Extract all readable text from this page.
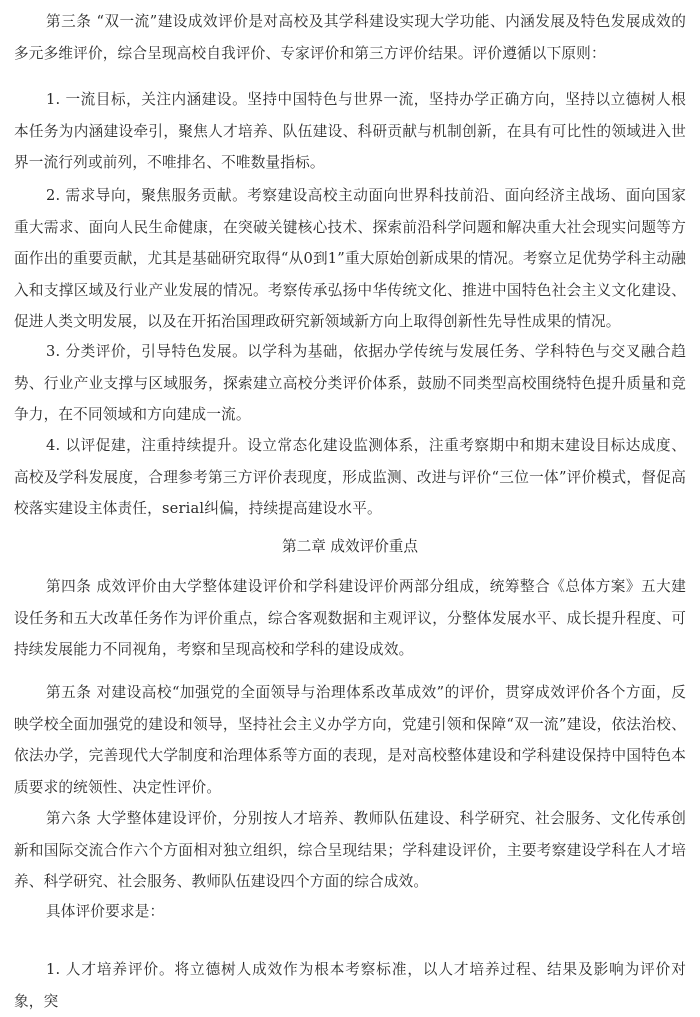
第三条 “双一流”建设成效评价是对高校及其学科建设实现大学功能、内涵发展及特色发展成效的多元多维评价，综合呈现高校自我评价、专家评价和第三方评价结果。评价遵循以下原则：

1. 一流目标，关注内涵建设。坚持中国特色与世界一流，坚持办学正确方向，坚持以立德树人根本任务为内涵建设牵引，聚焦人才培养、队伍建设、科研贡献与机制创新，在具有可比性的领域进入世界一流行列或前列，不唯排名、不唯数量指标。

2. 需求导向，聚焦服务贡献。考察建设高校主动面向世界科技前沿、面向经济主战场、面向国家重大需求、面向人民生命健康，在突破关键核心技术、探索前沿科学问题和解决重大社会现实问题等方面作出的重要贡献，尤其是基础研究取得“从0到1”重大原始创新成果的情况。考察立足优势学科主动融入和支撑区域及行业产业发展的情况。考察传承弘扬中华传统文化、推进中国特色社会主义文化建设、促进人类文明发展，以及在开拓治国理政研究新领域新方向上取得创新性先导性成果的情况。

3. 分类评价，引导特色发展。以学科为基础，依据办学传统与发展任务、学科特色与交叉融合趋势、行业产业支撑与区域服务，探索建立高校分类评价体系，鼓励不同类型高校围绕特色提升质量和竞争力，在不同领域和方向建成一流。

4. 以评促建，注重持续提升。设立常态化建设监测体系，注重考察期中和期末建设目标达成度、高校及学科发展度，合理参考第三方评价表现度，形成监测、改进与评价“三位一体”评价模式，督促高校落实建设主体责任，serial纠偏，持续提高建设水平。

第二章 成效评价重点

第四条 成效评价由大学整体建设评价和学科建设评价两部分组成，统筹整合《总体方案》五大建设任务和五大改革任务作为评价重点，综合客观数据和主观评议，分整体发展水平、成长提升程度、可持续发展能力不同视角，考察和呈现高校和学科的建设成效。

第五条 对建设高校“加强党的全面领导与治理体系改革成效”的评价，贯穿成效评价各个方面，反映学校全面加强党的建设和领导，坚持社会主义办学方向，党建引领和保障“双一流”建设，依法治校、依法办学，完善现代大学制度和治理体系等方面的表现，是对高校整体建设和学科建设保持中国特色本质要求的统领性、决定性评价。

第六条 大学整体建设评价，分别按人才培养、教师队伍建设、科学研究、社会服务、文化传承创新和国际交流合作六个方面相对独立组织，综合呈现结果；学科建设评价，主要考察建设学科在人才培养、科学研究、社会服务、教师队伍建设四个方面的综合成效。

具体评价要求是：

1. 人才培养评价。将立德树人成效作为根本考察标准，以人才培养过程、结果及影响为评价对象，突
